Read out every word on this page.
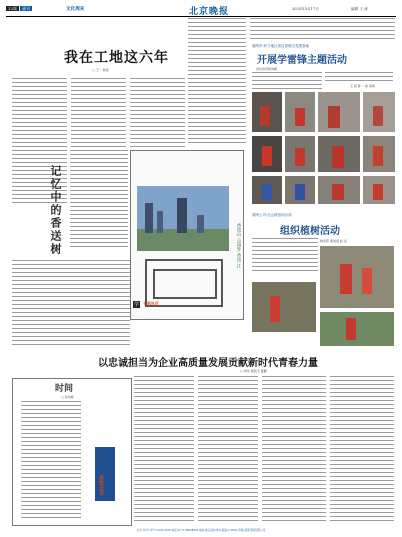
12版 副刊	文化周末	北京晚报	2023年3月17日	编辑 王 涛
我在工地这六年
□ 王一 韩雷
记忆中的香送树	香也山 公园外,香也 江
学 七彩社区
湖州市:织力地区项目部联合党建基地
开展学雷锋主题活动
首先的导师讲解
王 艳 陈一 春 倪梅
湖州公司:社会联创项目部
组织植树活动
韩家营 康旭丽 赵 远
以忠诚担当为企业高质量发展贡献新时代青春力量
□ 刘华 葛凯飞 董鹏
时间
□ 孙华峰
勇敢无畏
社长:刘 华 刊号:CN33-0036 电话:0571-88888888 地址:浙江省杭州市 邮编:310000 印刷:某某印刷有限公司
